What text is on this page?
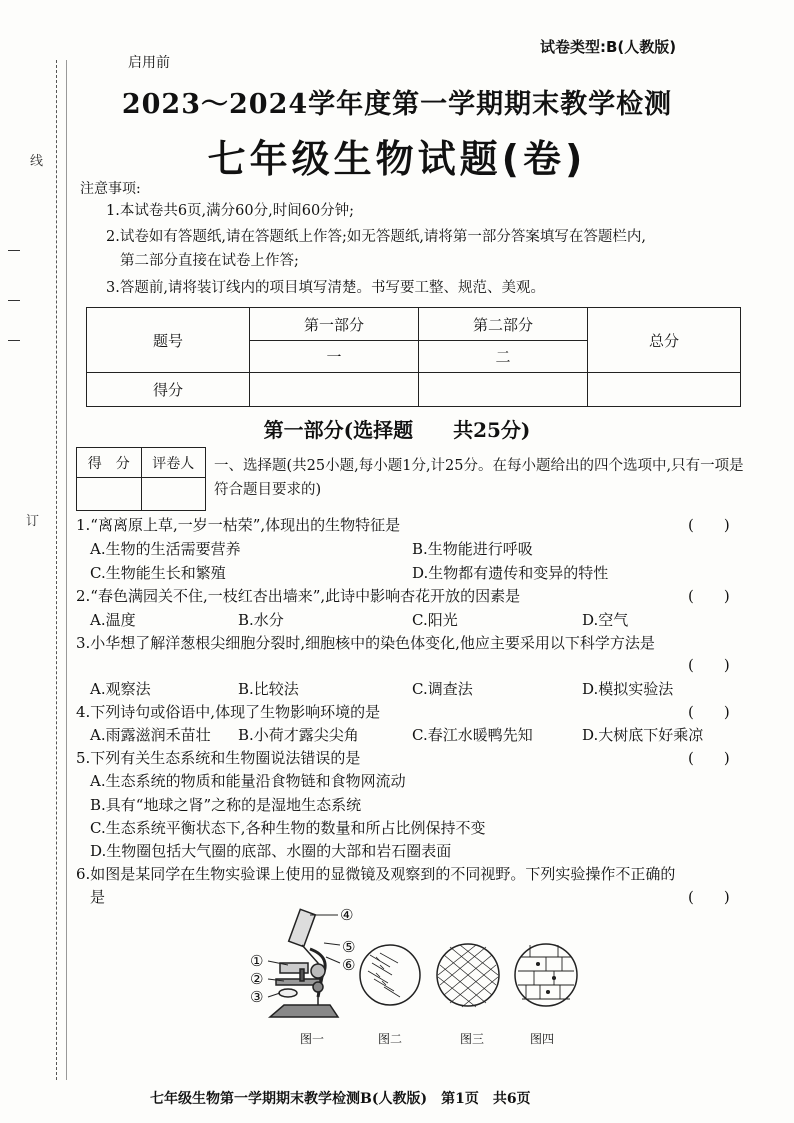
线
订
启用前
试卷类型:B(人教版)
2023～2024学年度第一学期期末教学检测
七年级生物试题(卷)
注意事项:
1.本试卷共6页,满分60分,时间60分钟;
2.试卷如有答题纸,请在答题纸上作答;如无答题纸,请将第一部分答案填写在答题栏内,
第二部分直接在试卷上作答;
3.答题前,请将装订线内的项目填写清楚。书写要工整、规范、美观。
题号	第一部分	第二部分	总分
	一	二	
得分			
第一部分(选择题　　共25分)
得　分	评卷人
	一、选择题(共25小题,每小题1分,计25分。在每小题给出的四个选项中,只有一项是符合题目要求的)
1.“离离原上草,一岁一枯荣”,体现出的生物特征是	(　　)
A.生物的生活需要营养	B.生物能进行呼吸
C.生物能生长和繁殖	D.生物都有遗传和变异的特性
2.“春色满园关不住,一枝红杏出墙来”,此诗中影响杏花开放的因素是	(　　)
A.温度	B.水分	C.阳光	D.空气
3.小华想了解洋葱根尖细胞分裂时,细胞核中的染色体变化,他应主要采用以下科学方法是
(　　)
A.观察法	B.比较法	C.调查法	D.模拟实验法
4.下列诗句或俗语中,体现了生物影响环境的是	(　　)
A.雨露滋润禾苗壮 B.小荷才露尖尖角	C.春江水暖鸭先知	D.大树底下好乘凉
5.下列有关生态系统和生物圈说法错误的是	(　　)
A.生态系统的物质和能量沿食物链和食物网流动
B.具有“地球之肾”之称的是湿地生态系统
C.生态系统平衡状态下,各种生物的数量和所占比例保持不变
D.生物圈包括大气圈的底部、水圈的大部和岩石圈表面
6.如图是某同学在生物实验课上使用的显微镜及观察到的不同视野。下列实验操作不正确的
是	(　　)
④
⑤
⑥
①
②
③
图一	图二	图三	图四
七年级生物第一学期期末教学检测B(人教版)　第1页　共6页
